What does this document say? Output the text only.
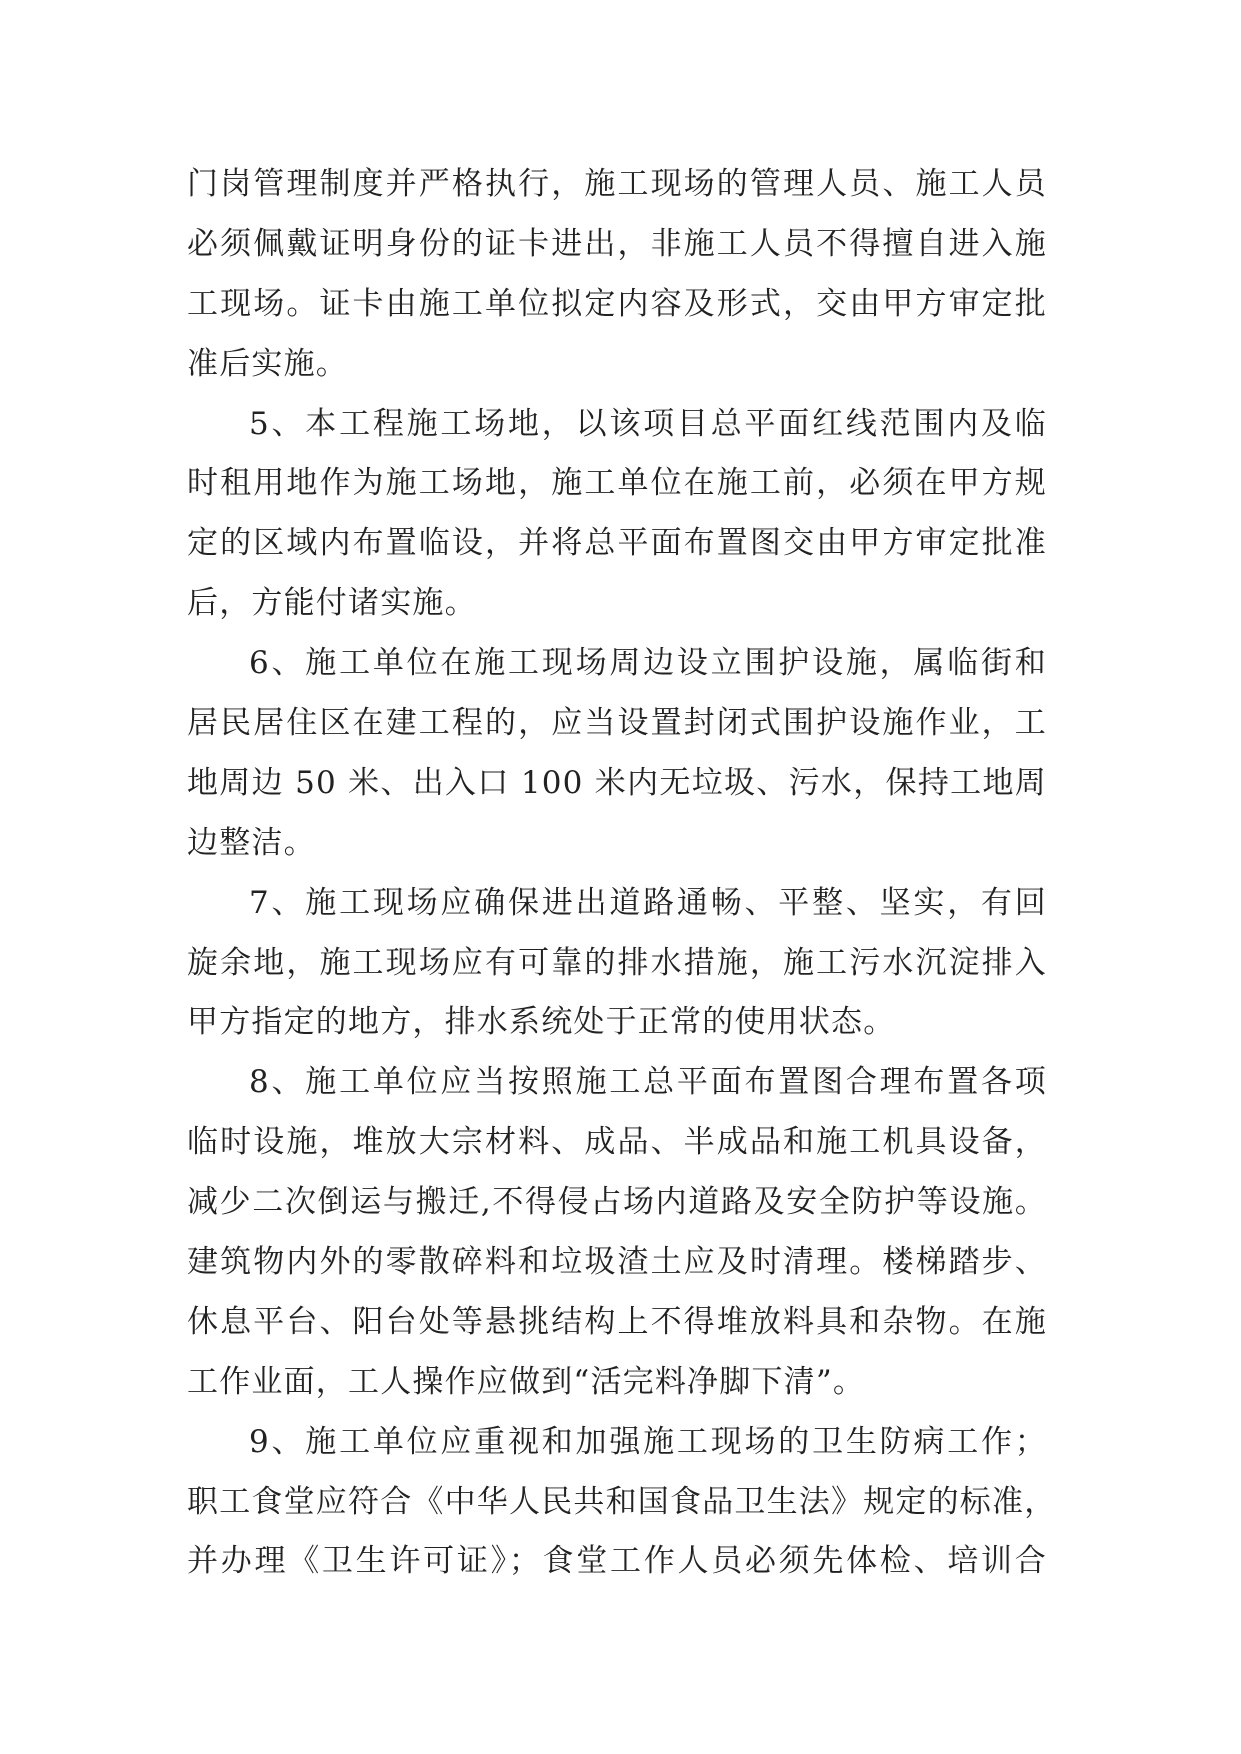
门岗管理制度并严格执行，施工现场的管理人员、施工人员
必须佩戴证明身份的证卡进出，非施工人员不得擅自进入施
工现场。证卡由施工单位拟定内容及形式，交由甲方审定批
准后实施。
5、本工程施工场地，以该项目总平面红线范围内及临
时租用地作为施工场地，施工单位在施工前，必须在甲方规
定的区域内布置临设，并将总平面布置图交由甲方审定批准
后，方能付诸实施。
6、施工单位在施工现场周边设立围护设施，属临街和
居民居住区在建工程的，应当设置封闭式围护设施作业，工
地周边 50 米、出入口 100 米内无垃圾、污水，保持工地周
边整洁。
7、施工现场应确保进出道路通畅、平整、坚实，有回
旋余地，施工现场应有可靠的排水措施，施工污水沉淀排入
甲方指定的地方，排水系统处于正常的使用状态。
8、施工单位应当按照施工总平面布置图合理布置各项
临时设施，堆放大宗材料、成品、半成品和施工机具设备，
减少二次倒运与搬迁,不得侵占场内道路及安全防护等设施。
建筑物内外的零散碎料和垃圾渣土应及时清理。楼梯踏步、
休息平台、阳台处等悬挑结构上不得堆放料具和杂物。在施
工作业面，工人操作应做到“活完料净脚下清”。
9、施工单位应重视和加强施工现场的卫生防病工作；
职工食堂应符合《中华人民共和国食品卫生法》规定的标准，
并办理《卫生许可证》；食堂工作人员必须先体检、培训合
